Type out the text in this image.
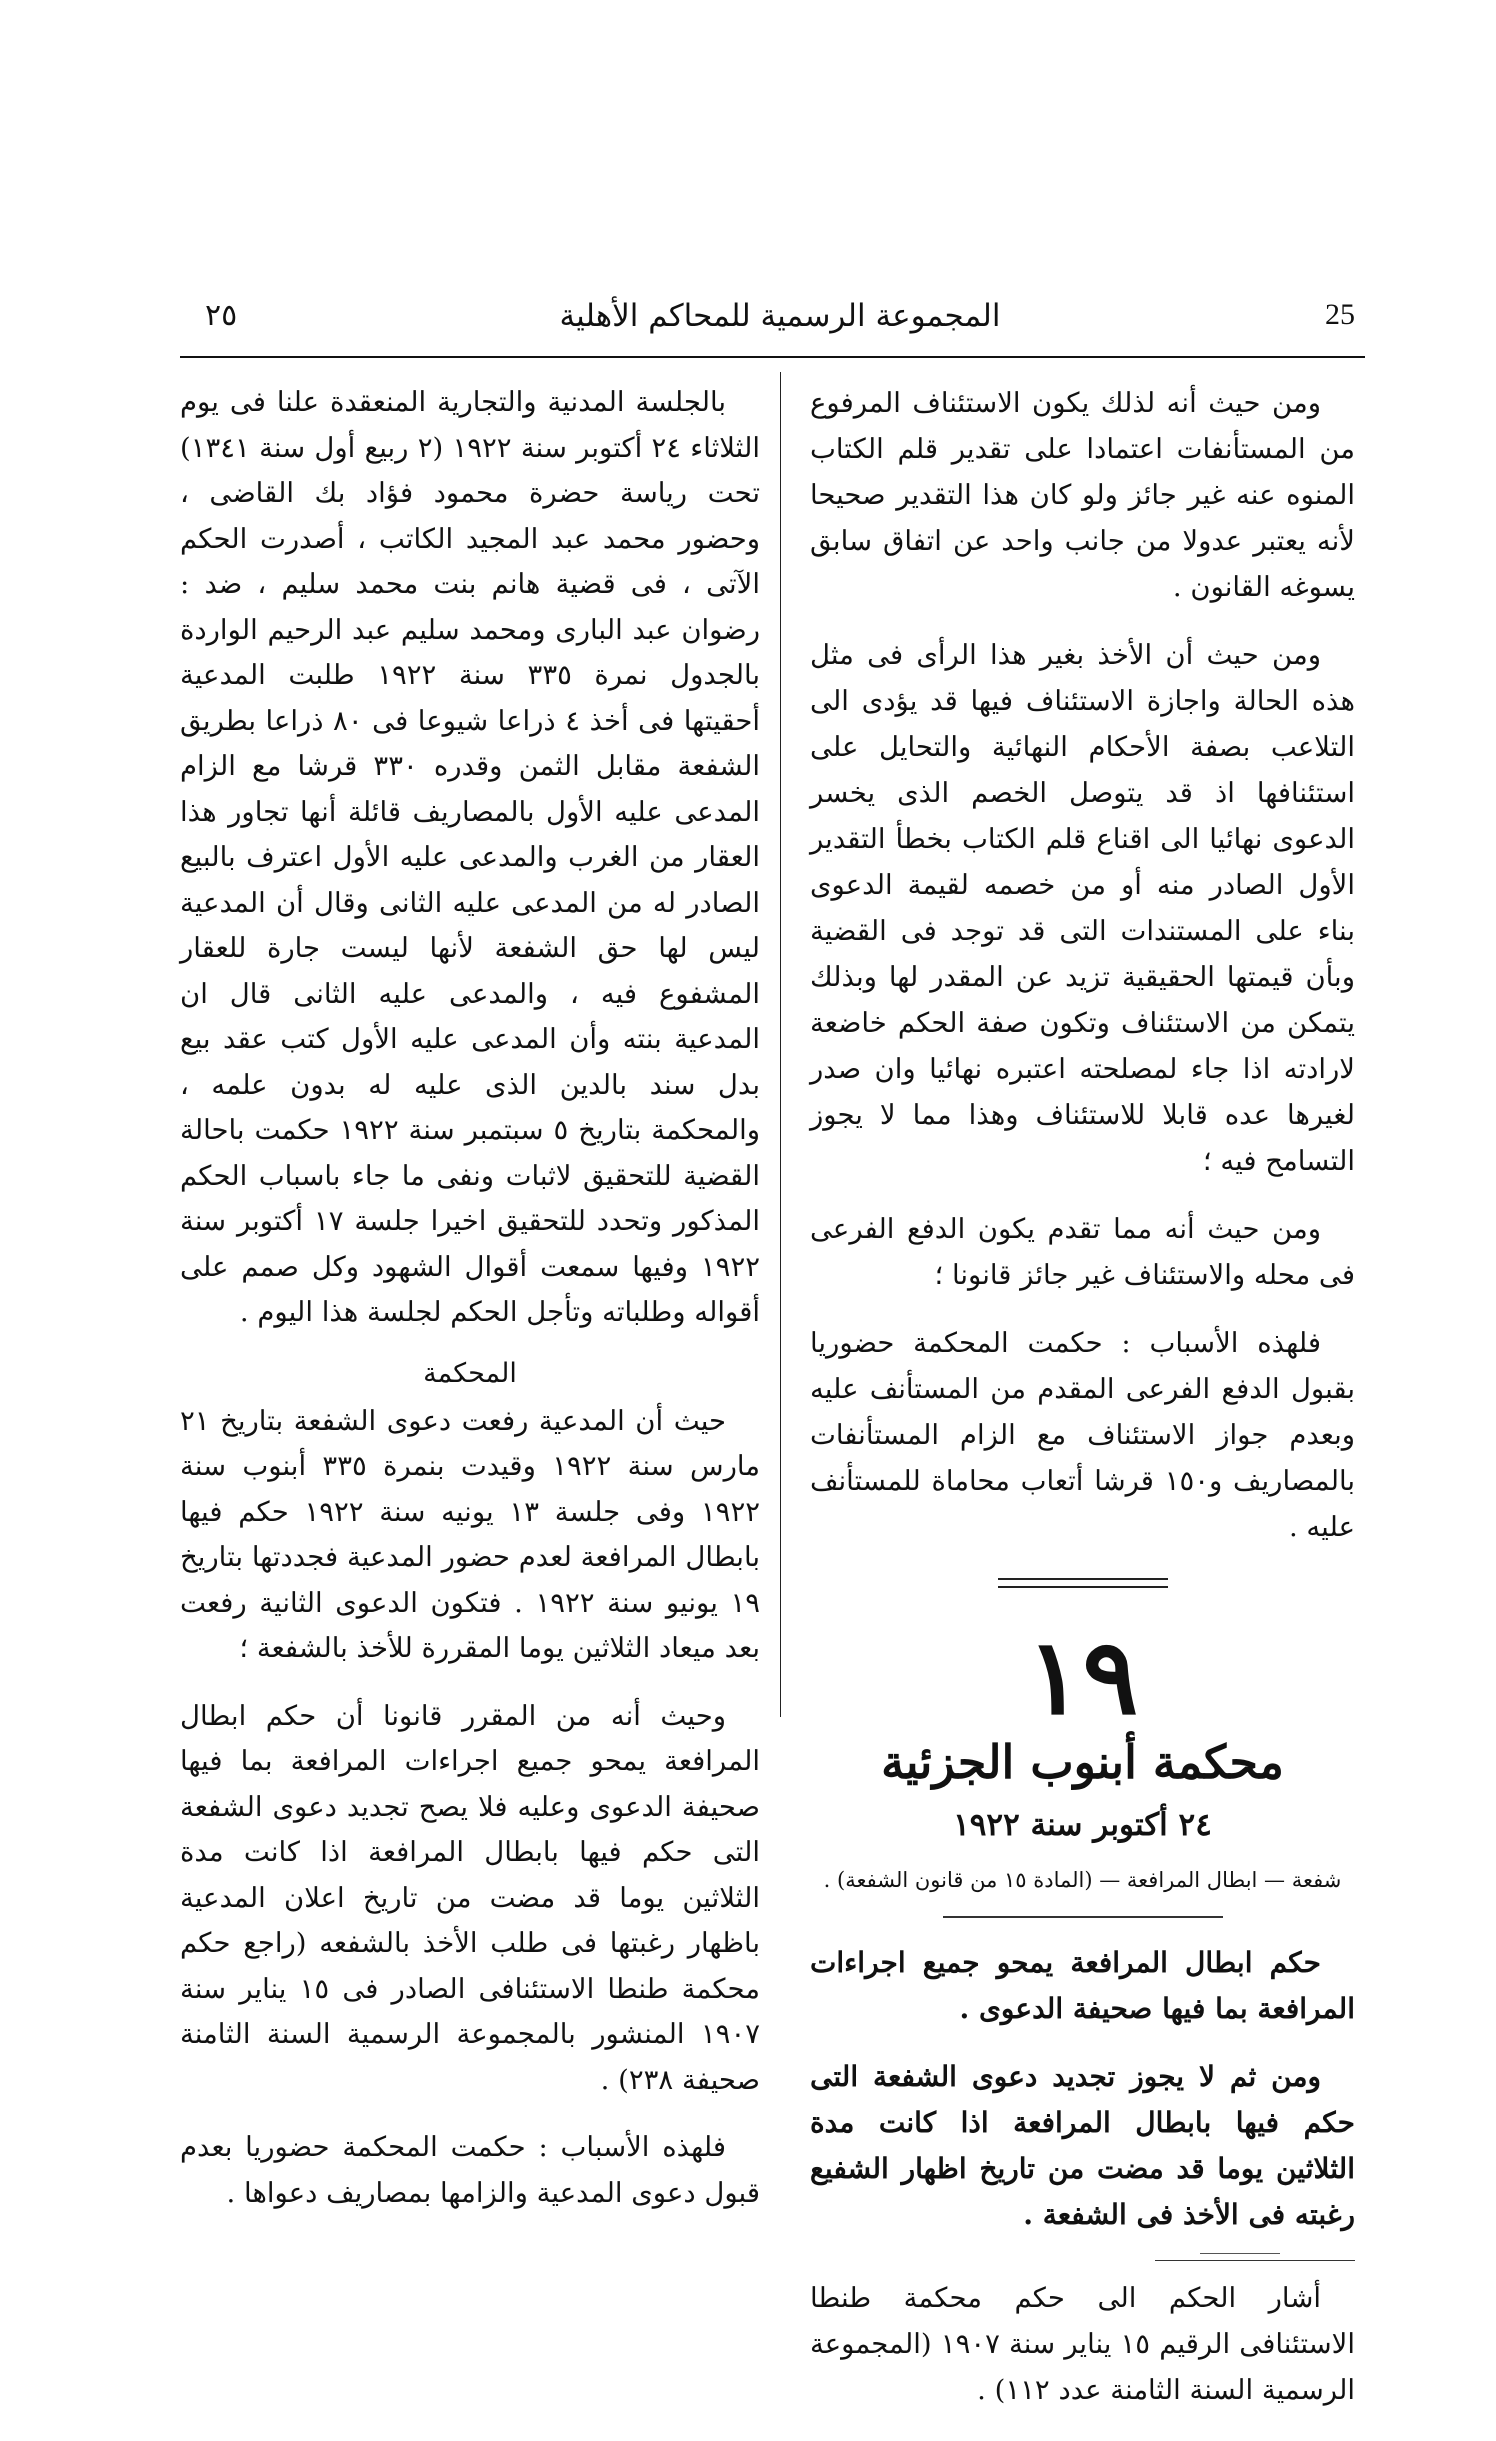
25
المجموعة الرسمية للمحاكم الأهلية
٢٥

ومن حيث أنه لذلك يكون الاستئناف المرفوع من المستأنفات اعتمادا على تقدير قلم الكتاب المنوه عنه غير جائز ولو كان هذا التقدير صحيحا لأنه يعتبر عدولا من جانب واحد عن اتفاق سابق يسوغه القانون .

ومن حيث أن الأخذ بغير هذا الرأى فى مثل هذه الحالة واجازة الاستئناف فيها قد يؤدى الى التلاعب بصفة الأحكام النهائية والتحايل على استئنافها اذ قد يتوصل الخصم الذى يخسر الدعوى نهائيا الى اقناع قلم الكتاب بخطأ التقدير الأول الصادر منه أو من خصمه لقيمة الدعوى بناء على المستندات التى قد توجد فى القضية وبأن قيمتها الحقيقية تزيد عن المقدر لها وبذلك يتمكن من الاستئناف وتكون صفة الحكم خاضعة لارادته اذا جاء لمصلحته اعتبره نهائيا وان صدر لغيرها عده قابلا للاستئناف وهذا مما لا يجوز التسامح فيه ؛

ومن حيث أنه مما تقدم يكون الدفع الفرعى فى محله والاستئناف غير جائز قانونا ؛

فلهذه الأسباب : حكمت المحكمة حضوريا بقبول الدفع الفرعى المقدم من المستأنف عليه وبعدم جواز الاستئناف مع الزام المستأنفات بالمصاريف و١٥٠ قرشا أتعاب محاماة للمستأنف عليه .

١٩
محكمة أبنوب الجزئية
٢٤ أكتوبر سنة ١٩٢٢
شفعة — ابطال المرافعة — (المادة ١٥ من قانون الشفعة) .

حكم ابطال المرافعة يمحو جميع اجراءات المرافعة بما فيها صحيفة الدعوى .

ومن ثم لا يجوز تجديد دعوى الشفعة التى حكم فيها بابطال المرافعة اذا كانت مدة الثلاثين يوما قد مضت من تاريخ اظهار الشفيع رغبته فى الأخذ فى الشفعة .

أشار الحكم الى حكم محكمة طنطا الاستئنافى الرقيم ١٥ يناير سنة ١٩٠٧ (المجموعة الرسمية السنة الثامنة عدد ١١٢) .

بالجلسة المدنية والتجارية المنعقدة علنا فى يوم الثلاثاء ٢٤ أكتوبر سنة ١٩٢٢ (٢ ربيع أول سنة ١٣٤١) تحت رياسة حضرة محمود فؤاد بك القاضى ، وحضور محمد عبد المجيد الكاتب ، أصدرت الحكم الآتى ، فى قضية هانم بنت محمد سليم ، ضد : رضوان عبد البارى ومحمد سليم عبد الرحيم الواردة بالجدول نمرة ٣٣٥ سنة ١٩٢٢ طلبت المدعية أحقيتها فى أخذ ٤ ذراعا شيوعا فى ٨٠ ذراعا بطريق الشفعة مقابل الثمن وقدره ٣٣٠ قرشا مع الزام المدعى عليه الأول بالمصاريف قائلة أنها تجاور هذا العقار من الغرب والمدعى عليه الأول اعترف بالبيع الصادر له من المدعى عليه الثانى وقال أن المدعية ليس لها حق الشفعة لأنها ليست جارة للعقار المشفوع فيه ، والمدعى عليه الثانى قال ان المدعية بنته وأن المدعى عليه الأول كتب عقد بيع بدل سند بالدين الذى عليه له بدون علمه ، والمحكمة بتاريخ ٥ سبتمبر سنة ١٩٢٢ حكمت باحالة القضية للتحقيق لاثبات ونفى ما جاء باسباب الحكم المذكور وتحدد للتحقيق اخيرا جلسة ١٧ أكتوبر سنة ١٩٢٢ وفيها سمعت أقوال الشهود وكل صمم على أقواله وطلباته وتأجل الحكم لجلسة هذا اليوم .

المحكمة

حيث أن المدعية رفعت دعوى الشفعة بتاريخ ٢١ مارس سنة ١٩٢٢ وقيدت بنمرة ٣٣٥ أبنوب سنة ١٩٢٢ وفى جلسة ١٣ يونيه سنة ١٩٢٢ حكم فيها بابطال المرافعة لعدم حضور المدعية فجددتها بتاريخ ١٩ يونيو سنة ١٩٢٢ . فتكون الدعوى الثانية رفعت بعد ميعاد الثلاثين يوما المقررة للأخذ بالشفعة ؛

وحيث أنه من المقرر قانونا أن حكم ابطال المرافعة يمحو جميع اجراءات المرافعة بما فيها صحيفة الدعوى وعليه فلا يصح تجديد دعوى الشفعة التى حكم فيها بابطال المرافعة اذا كانت مدة الثلاثين يوما قد مضت من تاريخ اعلان المدعية باظهار رغبتها فى طلب الأخذ بالشفعه (راجع حكم محكمة طنطا الاستئنافى الصادر فى ١٥ يناير سنة ١٩٠٧ المنشور بالمجموعة الرسمية السنة الثامنة صحيفة ٢٣٨) .

فلهذه الأسباب : حكمت المحكمة حضوريا بعدم قبول دعوى المدعية والزامها بمصاريف دعواها .
